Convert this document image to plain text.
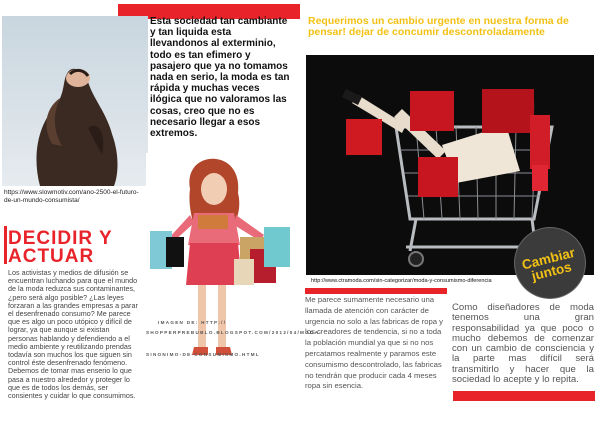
https://www.slowmotiv.com/ano-2500-el-futuro-de-un-mundo-consumista/
Esta sociedad tan cambiante y tan liquida esta llevandonos al exterminio, todo es tan efimero y pasajero que ya no tomamos nada en serio, la moda es tan rápida y muchas veces ilógica que no valoramos las cosas, creo que no es necesario llegar a esos extremos.
IMAGEN DE: HTTP://
SHOPPERPREBUBLO.BLOGSPOT.COM/2012/04/MODA-
SINONIMO-DE-CONSUMISMO.HTML
DECIDIR Y ACTUAR
Los activistas y medios de difusión se encuentran luchando para que el mundo de la moda reduzca sus contaminantes, ¿pero será algo posible? ¿Las leyes forzaran a las grandes empresas a parar el desenfrenado consumo? Me parece que es algo un poco utópico y difícil de lograr, ya que aunque si existan personas hablando y defendiendo a el medio ambiente y reutilizando prendas todavía son muchos los que siguen sin control éste desenfrenado fenómeno. Debemos de tomar mas enserio lo que pasa a nuestro alrededor y proteger lo que es de todos los demás, ser consientes y cuidar lo que consumimos.
Requerimos un cambio urgente en nuestra forma de pensar! dejar de concumir descontroladamente
http://www.ctramoda.com/sin-categorizar/moda-y-consumismo-diferencia
Cambiar juntos
Me parece sumamente necesario una llamada de atención con carácter de urgencia no solo a las fabricas de ropa y los creadores de tendencia, si no a toda la población mundial ya que si no nos percatamos realmente y paramos este consumismo descontrolado, las fabricas no tendrán que producir cada 4 meses ropa sin esencia.
Como diseñadores de moda tenemos una gran responsabilidad ya que poco o mucho debemos de comenzar con un cambio de consciencia y la parte mas difícil será transmitirlo y hacer que la sociedad lo acepte y lo repita.
